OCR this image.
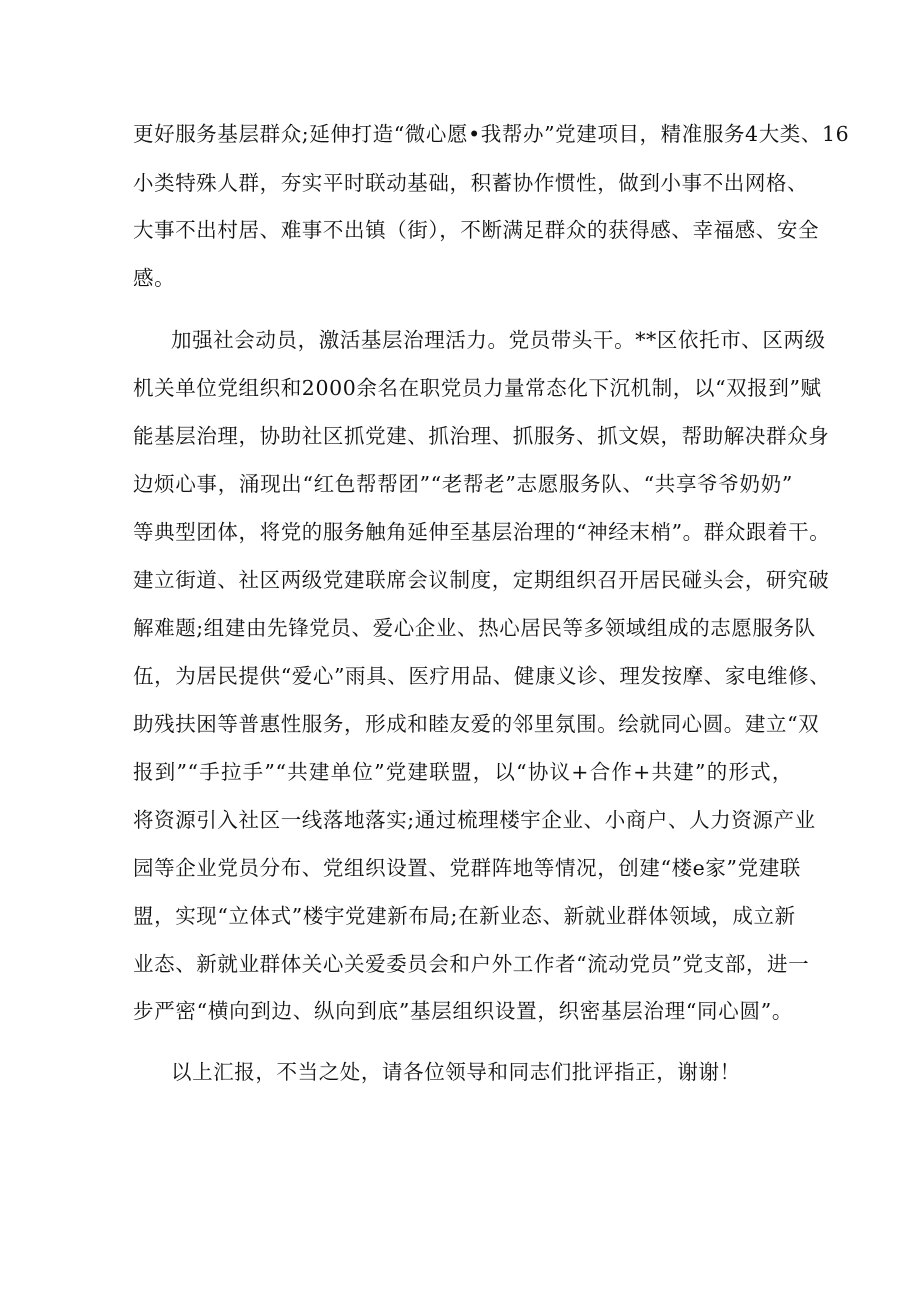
更好服务基层群众;延伸打造“微心愿•我帮办”党建项目，精准服务4大类、16
小类特殊人群，夯实平时联动基础，积蓄协作惯性，做到小事不出网格、
大事不出村居、难事不出镇（街），不断满足群众的获得感、幸福感、安全
感。
加强社会动员，激活基层治理活力。党员带头干。**区依托市、区两级
机关单位党组织和2000余名在职党员力量常态化下沉机制，以“双报到”赋
能基层治理，协助社区抓党建、抓治理、抓服务、抓文娱，帮助解决群众身
边烦心事，涌现出“红色帮帮团”“老帮老”志愿服务队、“共享爷爷奶奶”
等典型团体，将党的服务触角延伸至基层治理的“神经末梢”。群众跟着干。
建立街道、社区两级党建联席会议制度，定期组织召开居民碰头会，研究破
解难题;组建由先锋党员、爱心企业、热心居民等多领域组成的志愿服务队
伍，为居民提供“爱心”雨具、医疗用品、健康义诊、理发按摩、家电维修、
助残扶困等普惠性服务，形成和睦友爱的邻里氛围。绘就同心圆。建立“双
报到”“手拉手”“共建单位”党建联盟，以“协议+合作+共建”的形式，
将资源引入社区一线落地落实;通过梳理楼宇企业、小商户、人力资源产业
园等企业党员分布、党组织设置、党群阵地等情况，创建“楼e家”党建联
盟，实现“立体式”楼宇党建新布局;在新业态、新就业群体领域，成立新
业态、新就业群体关心关爱委员会和户外工作者“流动党员”党支部，进一
步严密“横向到边、纵向到底”基层组织设置，织密基层治理“同心圆”。
以上汇报，不当之处，请各位领导和同志们批评指正，谢谢！
